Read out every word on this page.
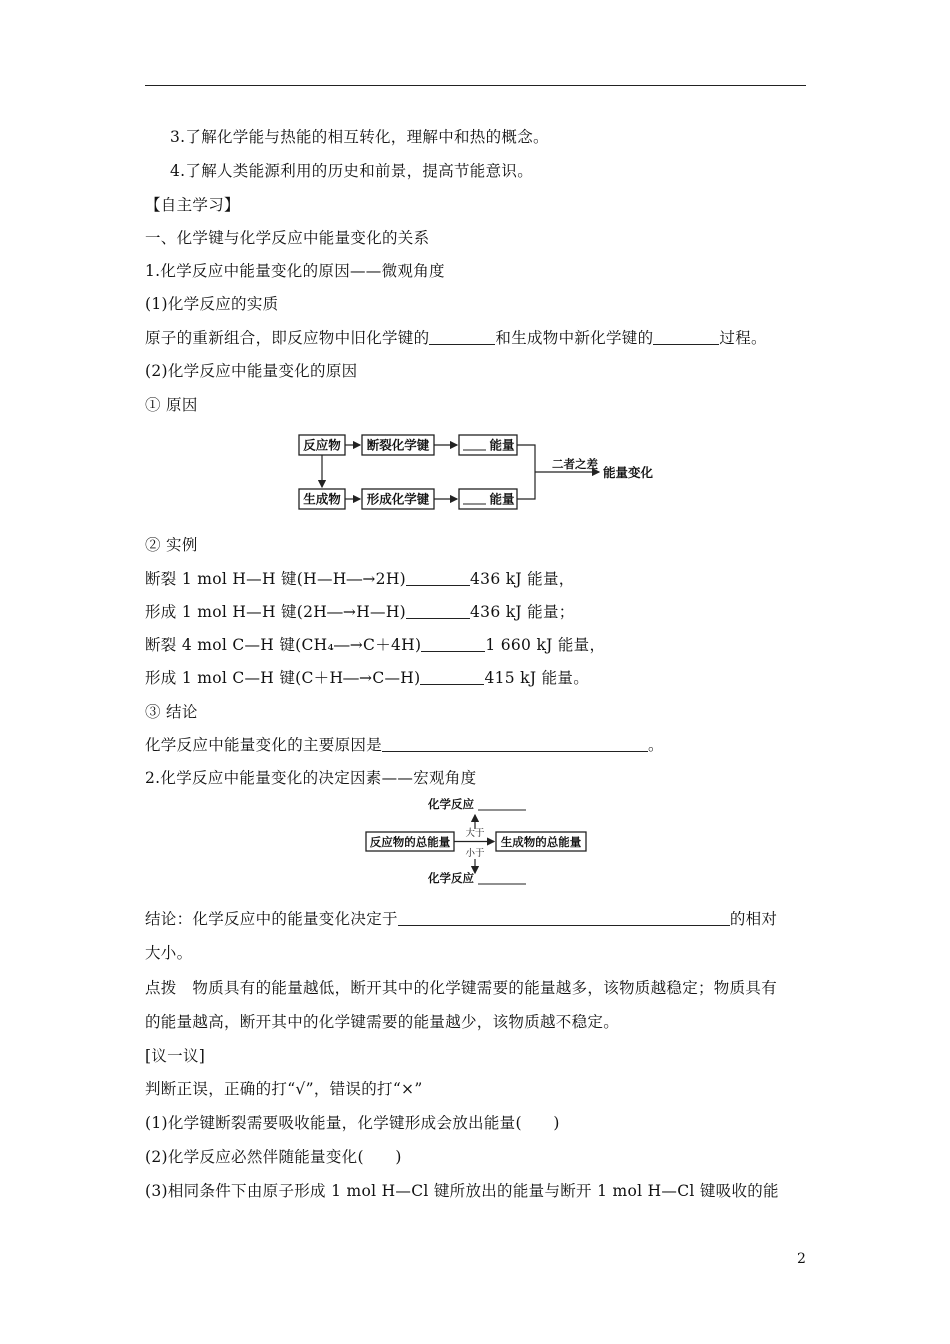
3.了解化学能与热能的相互转化，理解中和热的概念。
4.了解人类能源利用的历史和前景，提高节能意识。
【自主学习】
一、化学键与化学反应中能量变化的关系
1.化学反应中能量变化的原因——微观角度
(1)化学反应的实质
原子的重新组合，即反应物中旧化学键的	和生成物中新化学键的	过程。
(2)化学反应中能量变化的原因
① 原因
反应物 断裂化学键	能量
生成物 形成化学键	能量
二者之差
能量变化
② 实例
断裂 1 mol H—H 键(H—H―→2H)	436 kJ 能量，
形成 1 mol H—H 键(2H―→H—H)	436 kJ 能量；
断裂 4 mol C—H 键(CH₄―→C＋4H)	1 660 kJ 能量，
形成 1 mol C—H 键(C＋H―→C—H)	415 kJ 能量。
③ 结论
化学反应中能量变化的主要原因是	。
2.化学反应中能量变化的决定因素——宏观角度
化学反应
反应物的总能量	生成物的总能量
大于
小于
化学反应
结论：化学反应中的能量变化决定于	的相对
大小。
点拨　物质具有的能量越低，断开其中的化学键需要的能量越多，该物质越稳定；物质具有
的能量越高，断开其中的化学键需要的能量越少，该物质越不稳定。
[议一议]
判断正误，正确的打“√”，错误的打“×”
(1)化学键断裂需要吸收能量，化学键形成会放出能量(　　)
(2)化学反应必然伴随能量变化(　　)
(3)相同条件下由原子形成 1 mol H—Cl 键所放出的能量与断开 1 mol H—Cl 键吸收的能
2
